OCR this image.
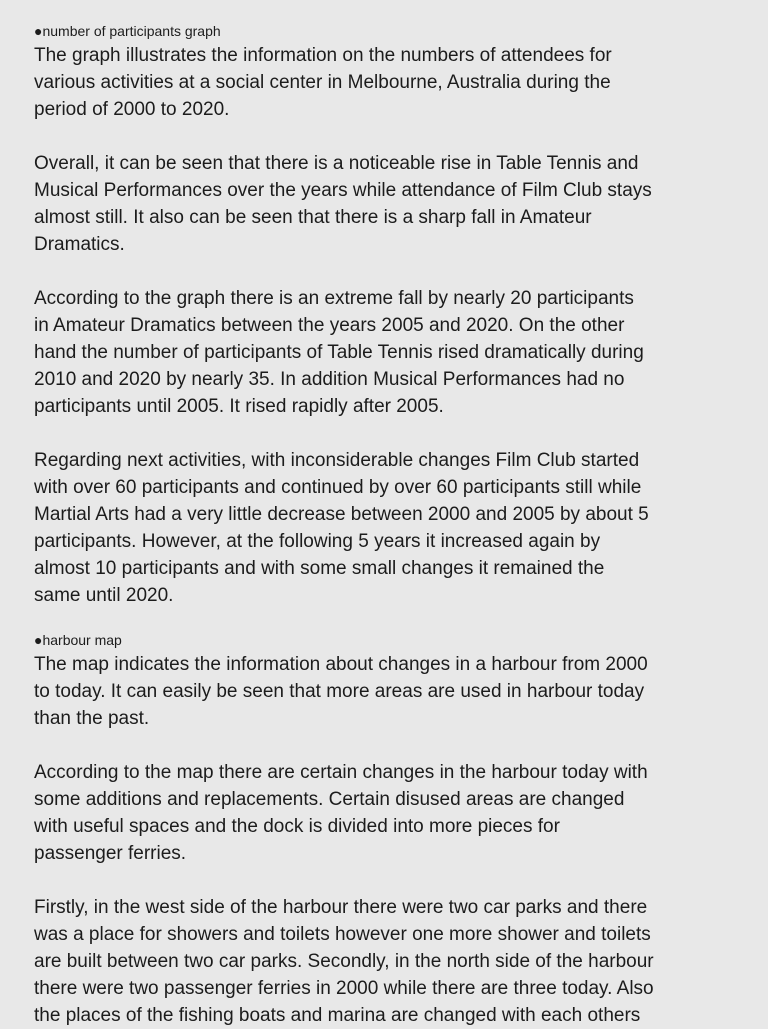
●number of participants graph

The graph illustrates the information on the numbers of attendees for
various activities at a social center in Melbourne, Australia during the
period of 2000 to 2020.

Overall, it can be seen that there is a noticeable rise in Table Tennis and
Musical Performances over the years while attendance of Film Club stays
almost still. It also can be seen that there is a sharp fall in Amateur
Dramatics.

According to the graph there is an extreme fall by nearly 20 participants
in Amateur Dramatics between the years 2005 and 2020. On the other
hand the number of participants of Table Tennis rised dramatically during
2010 and 2020 by nearly 35. In addition Musical Performances had no
participants until 2005. It rised rapidly after 2005.

Regarding next activities, with inconsiderable changes Film Club started
with over 60 participants and continued by over 60 participants still while
Martial Arts had a very little decrease between 2000 and 2005 by about 5
participants. However, at the following 5 years it increased again by
almost 10 participants and with some small changes it remained the
same until 2020.

●harbour map

The map indicates the information about changes in a harbour from 2000
to today. It can easily be seen that more areas are used in harbour today
than the past.

According to the map there are certain changes in the harbour today with
some additions and replacements. Certain disused areas are changed
with useful spaces and the dock is divided into more pieces for
passenger ferries.

Firstly, in the west side of the harbour there were two car parks and there
was a place for showers and toilets however one more shower and toilets
are built between two car parks. Secondly, in the north side of the harbour
there were two passenger ferries in 2000 while there are three today. Also
the places of the fishing boats and marina are changed with each others
